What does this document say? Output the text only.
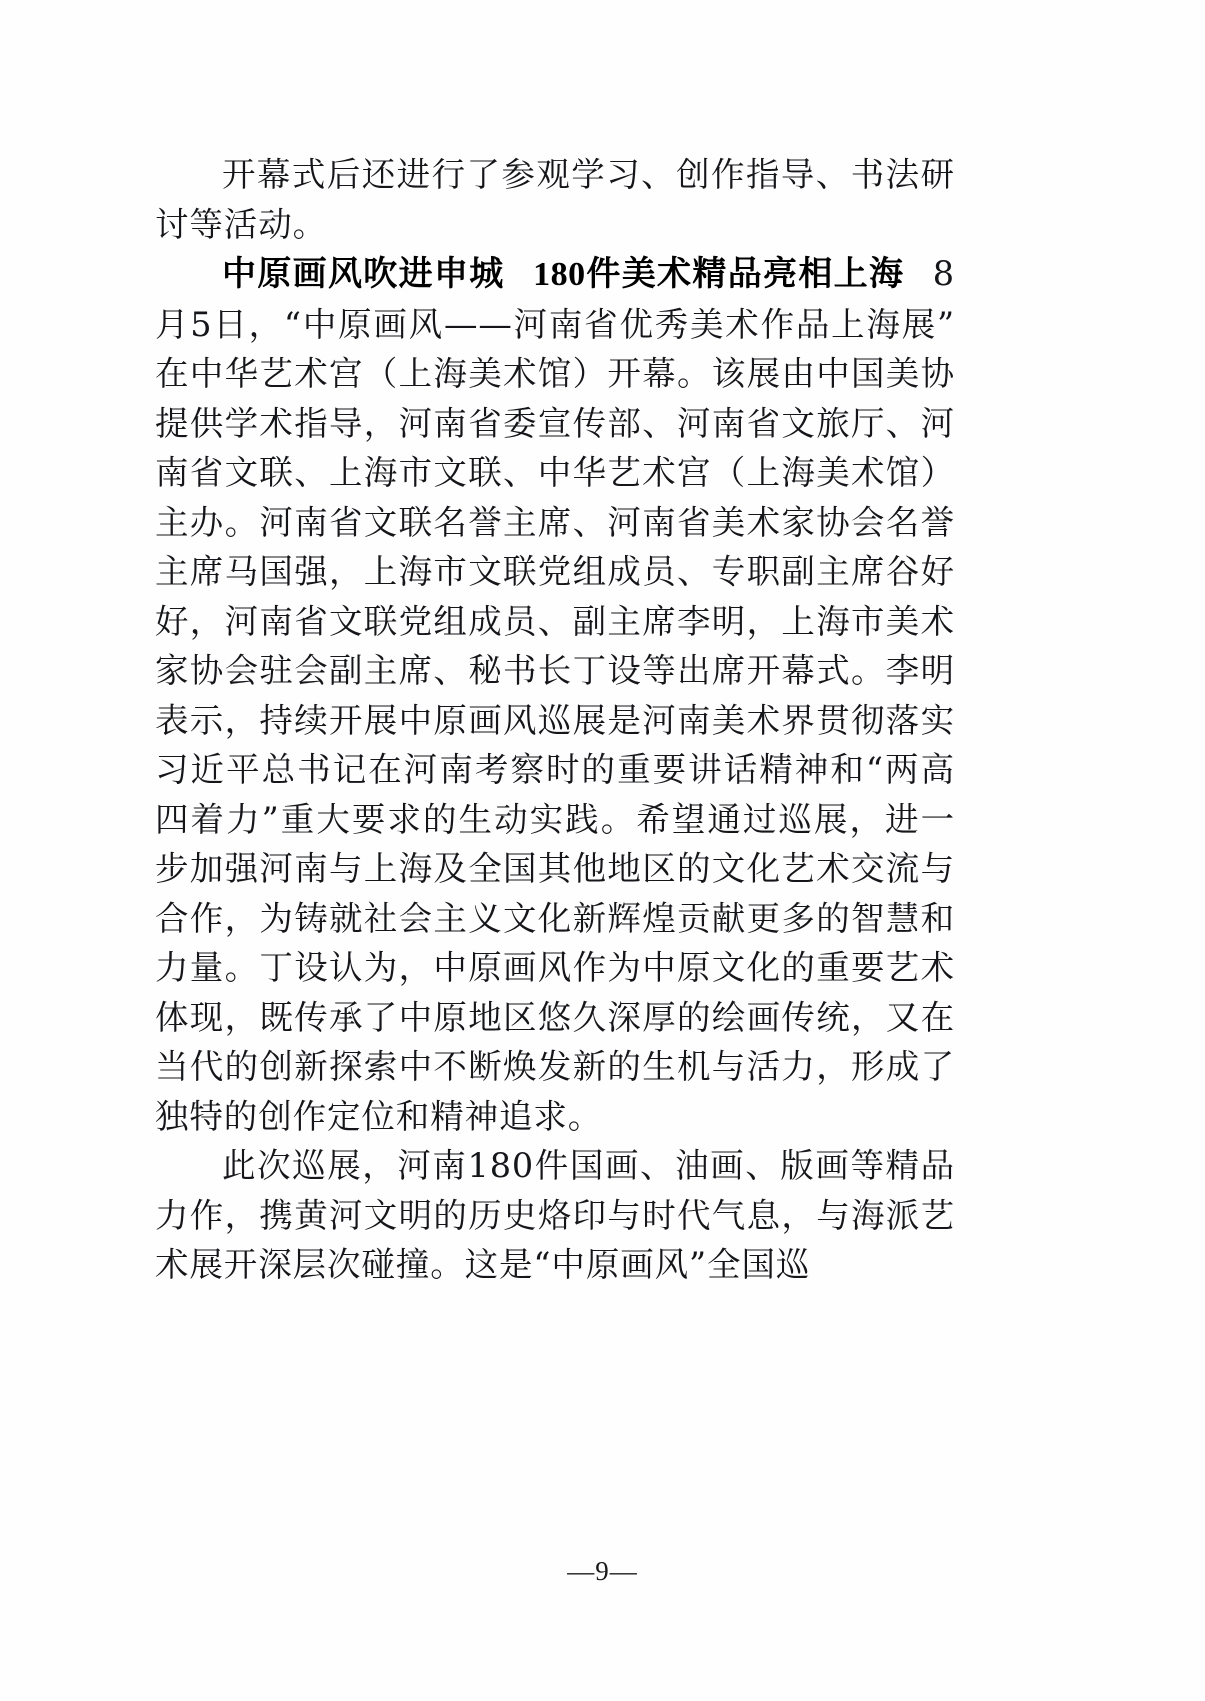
开幕式后还进行了参观学习、创作指导、书法研讨等活动。

中原画风吹进申城 180件美术精品亮相上海 8月5日，“中原画风——河南省优秀美术作品上海展”在中华艺术宫（上海美术馆）开幕。该展由中国美协提供学术指导，河南省委宣传部、河南省文旅厅、河南省文联、上海市文联、中华艺术宫（上海美术馆）主办。河南省文联名誉主席、河南省美术家协会名誉主席马国强，上海市文联党组成员、专职副主席谷好好，河南省文联党组成员、副主席李明，上海市美术家协会驻会副主席、秘书长丁设等出席开幕式。李明表示，持续开展中原画风巡展是河南美术界贯彻落实习近平总书记在河南考察时的重要讲话精神和“两高四着力”重大要求的生动实践。希望通过巡展，进一步加强河南与上海及全国其他地区的文化艺术交流与合作，为铸就社会主义文化新辉煌贡献更多的智慧和力量。丁设认为，中原画风作为中原文化的重要艺术体现，既传承了中原地区悠久深厚的绘画传统，又在当代的创新探索中不断焕发新的生机与活力，形成了独特的创作定位和精神追求。

此次巡展，河南180件国画、油画、版画等精品力作，携黄河文明的历史烙印与时代气息，与海派艺术展开深层次碰撞。这是“中原画风”全国巡

—9—
